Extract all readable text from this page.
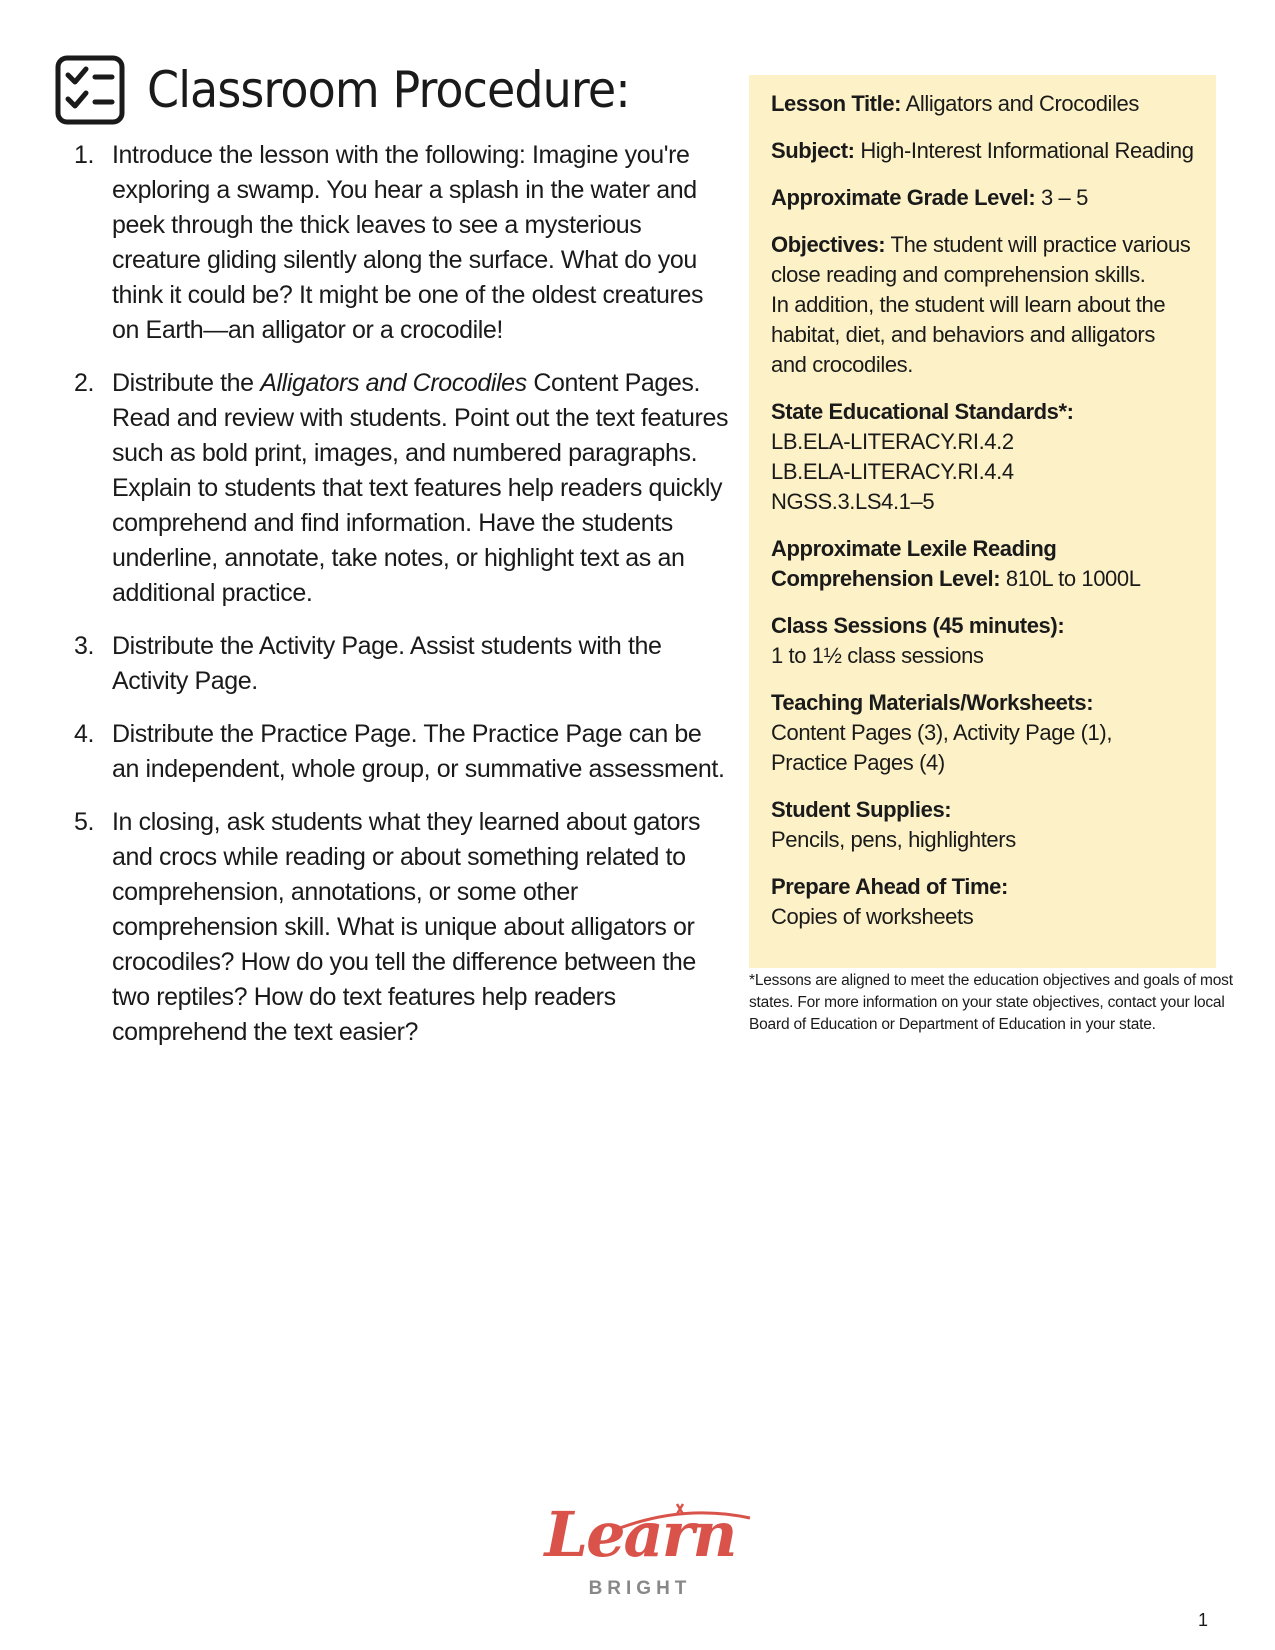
Classroom Procedure:
1. Introduce the lesson with the following: Imagine you're exploring a swamp. You hear a splash in the water and peek through the thick leaves to see a mysterious creature gliding silently along the surface. What do you think it could be? It might be one of the oldest creatures on Earth—an alligator or a crocodile!
2. Distribute the Alligators and Crocodiles Content Pages. Read and review with students. Point out the text features such as bold print, images, and numbered paragraphs. Explain to students that text features help readers quickly comprehend and find information. Have the students underline, annotate, take notes, or highlight text as an additional practice.
3. Distribute the Activity Page. Assist students with the Activity Page.
4. Distribute the Practice Page. The Practice Page can be an independent, whole group, or summative assessment.
5. In closing, ask students what they learned about gators and crocs while reading or about something related to comprehension, annotations, or some other comprehension skill. What is unique about alligators or crocodiles? How do you tell the difference between the two reptiles? How do text features help readers comprehend the text easier?
Lesson Title: Alligators and Crocodiles
Subject: High-Interest Informational Reading
Approximate Grade Level: 3 – 5
Objectives: The student will practice various close reading and comprehension skills.
In addition, the student will learn about the habitat, diet, and behaviors and alligators and crocodiles.
State Educational Standards*:
LB.ELA-LITERACY.RI.4.2
LB.ELA-LITERACY.RI.4.4
NGSS.3.LS4.1–5
Approximate Lexile Reading
Comprehension Level: 810L to 1000L
Class Sessions (45 minutes):
1 to 1½ class sessions
Teaching Materials/Worksheets:
Content Pages (3), Activity Page (1), Practice Pages (4)
Student Supplies:
Pencils, pens, highlighters
Prepare Ahead of Time:
Copies of worksheets
*Lessons are aligned to meet the education objectives and goals of most states. For more information on your state objectives, contact your local Board of Education or Department of Education in your state.
Learn
BRIGHT
1
